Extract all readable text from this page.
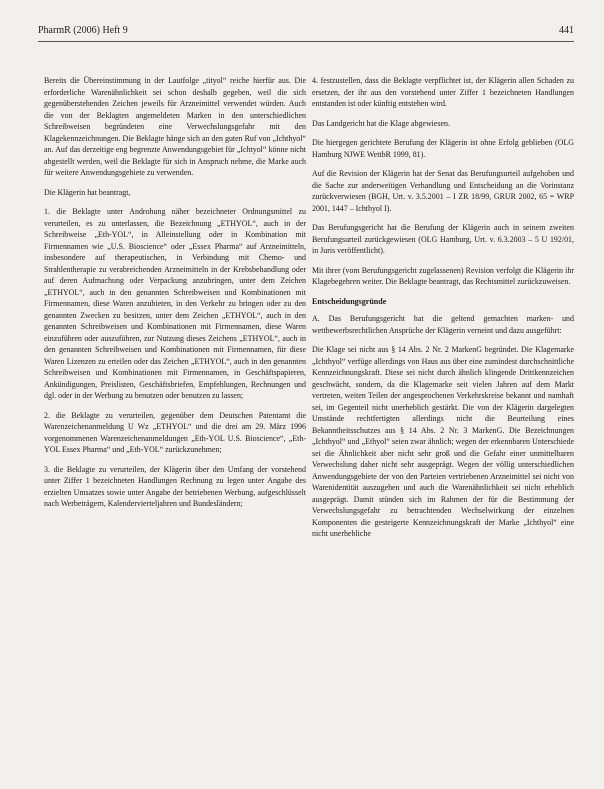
PharmR (2006) Heft 9	441

Bereits die Übereinstimmung in der Lautfolge „tityol“ reiche hierfür aus. Die erforderliche Warenähnlichkeit sei schon deshalb gegeben, weil die sich gegenüberstehenden Zeichen jeweils für Arzneimittel verwendet würden. Auch die von der Beklagten angemeldeten Marken in den unterschiedlichen Schreibweisen begründeten eine Verwechslungsgefahr mit den Klagekennzeichnungen. Die Beklagte hänge sich an den guten Ruf von „Ichthyol“ an. Auf das derzeitige eng begrenzte Anwendungsgebiet für „Ichtyol“ könne nicht abgestellt werden, weil die Beklagte für sich in Anspruch nehme, die Marke auch für weitere Anwendungsgebiete zu verwenden.

Die Klägerin hat beantragt,

1. die Beklagte unter Androhung näher bezeichneter Ordnungsmittel zu verurteilen, es zu unterlassen, die Bezeichnung „ETHYOL“, auch in der Schreibweise „Eth-YOL“, in Alleinstellung oder in Kombination mit Firmennamen wie „U.S. Bioscience“ oder „Essex Pharma“ auf Arzneimitteln, insbesondere auf therapeutischen, in Verbindung mit Chemo- und Strahlentherapie zu verabreichenden Arzneimitteln in der Krebsbehandlung oder auf deren Aufmachung oder Verpackung anzubringen, unter dem Zeichen „ETHYOL“, auch in den genannten Schreibweisen und Kombinationen mit Firmennamen, diese Waren anzubieten, in den Verkehr zu bringen oder zu den genannten Zwecken zu besitzen, unter dem Zeichen „ETHYOL“, auch in den genannten Schreibweisen und Kombinationen mit Firmennamen, diese Waren einzuführen oder auszuführen, zur Nutzung dieses Zeichens „ETHYOL“, auch in den genannten Schreibweisen und Kombinationen mit Firmennamen, für diese Waren Lizenzen zu erteilen oder das Zeichen „ETHYOL“, auch in den genannten Schreibweisen und Kombinationen mit Firmennamen, in Geschäftspapieren, Ankündigungen, Preislisten, Geschäftsbriefen, Empfehlungen, Rechnungen und dgl. oder in der Werbung zu benutzen oder benutzen zu lassen;

2. die Beklagte zu verurteilen, gegenüber dem Deutschen Patentamt die Warenzeichenanmeldung U Wz „ETHYOL“ und die drei am 29. März 1996 vorgenommenen Warenzeichenanmeldungen „Eth-YOL U.S. Bioscience“, „Eth-YOL Essex Pharma“ und „Eth-YOL“ zurückzunehmen;

3. die Beklagte zu verurteilen, der Klägerin über den Umfang der vorstehend unter Ziffer 1 bezeichneten Handlungen Rechnung zu legen unter Angabe des erzielten Umsatzes sowie unter Angabe der betriebenen Werbung, aufgeschlüsselt nach Werbeträgern, Kalendervierteljahren und Bundesländern;

4. festzustellen, dass die Beklagte verpflichtet ist, der Klägerin allen Schaden zu ersetzen, der ihr aus den vorstehend unter Ziffer 1 bezeichneten Handlungen entstanden ist oder künftig entstehen wird.

Das Landgericht hat die Klage abgewiesen.

Die hiergegen gerichtete Berufung der Klägerin ist ohne Erfolg geblieben (OLG Hamburg NJWE WettbR 1999, 81).

Auf die Revision der Klägerin hat der Senat das Berufungsurteil aufgehoben und die Sache zur anderweitigen Verhandlung und Entscheidung an die Vorinstanz zurückverwiesen (BGH, Urt. v. 3.5.2001 – I ZR 18/99, GRUR 2002, 65 = WRP 2001, 1447 – Ichthyol I).

Das Berufungsgericht hat die Berufung der Klägerin auch in seinem zweiten Berufungsurteil zurückgewiesen (OLG Hamburg, Urt. v. 6.3.2003 – 5 U 192/01, in Juris veröffentlicht).

Mit ihrer (vom Berufungsgericht zugelassenen) Revision verfolgt die Klägerin ihr Klagebegehren weiter. Die Beklagte beantragt, das Rechtsmittel zurückzuweisen.

Entscheidungsgründe

A. Das Berufungsgericht hat die geltend gemachten marken- und wettbewerbsrechtlichen Ansprüche der Klägerin verneint und dazu ausgeführt:

Die Klage sei nicht aus § 14 Abs. 2 Nr. 2 MarkenG begründet. Die Klagemarke „Ichthyol“ verfüge allerdings von Haus aus über eine zumindest durchschnittliche Kennzeichnungskraft. Diese sei nicht durch ähnlich klingende Drittkennzeichen geschwächt, sondern, da die Klagemarke seit vielen Jahren auf dem Markt vertreten, weiten Teilen der angesprochenen Verkehrskreise bekannt und namhaft sei, im Gegenteil nicht unerheblich gestärkt. Die von der Klägerin dargelegten Umstände rechtfertigten allerdings nicht die Beurteilung eines Bekanntheitsschutzes aus § 14 Abs. 2 Nr. 3 MarkenG. Die Bezeichnungen „Ichthyol“ und „Ethyol“ seien zwar ähnlich; wegen der erkennbaren Unterschiede sei die Ähnlichkeit aber nicht sehr groß und die Gefahr einer unmittelbaren Verwechslung daher nicht sehr ausgeprägt. Wegen der völlig unterschiedlichen Anwendungsgebiete der von den Parteien vertriebenen Arzneimittel sei nicht von Warenidentität auszugehen und auch die Warenähnlichkeit sei nicht erheblich ausgeprägt. Damit stünden sich im Rahmen der für die Bestimmung der Verwechslungsgefahr zu betrachtenden Wechselwirkung der einzelnen Komponenten die gesteigerte Kennzeichnungskraft der Marke „Ichthyol“ eine nicht unerhebliche
